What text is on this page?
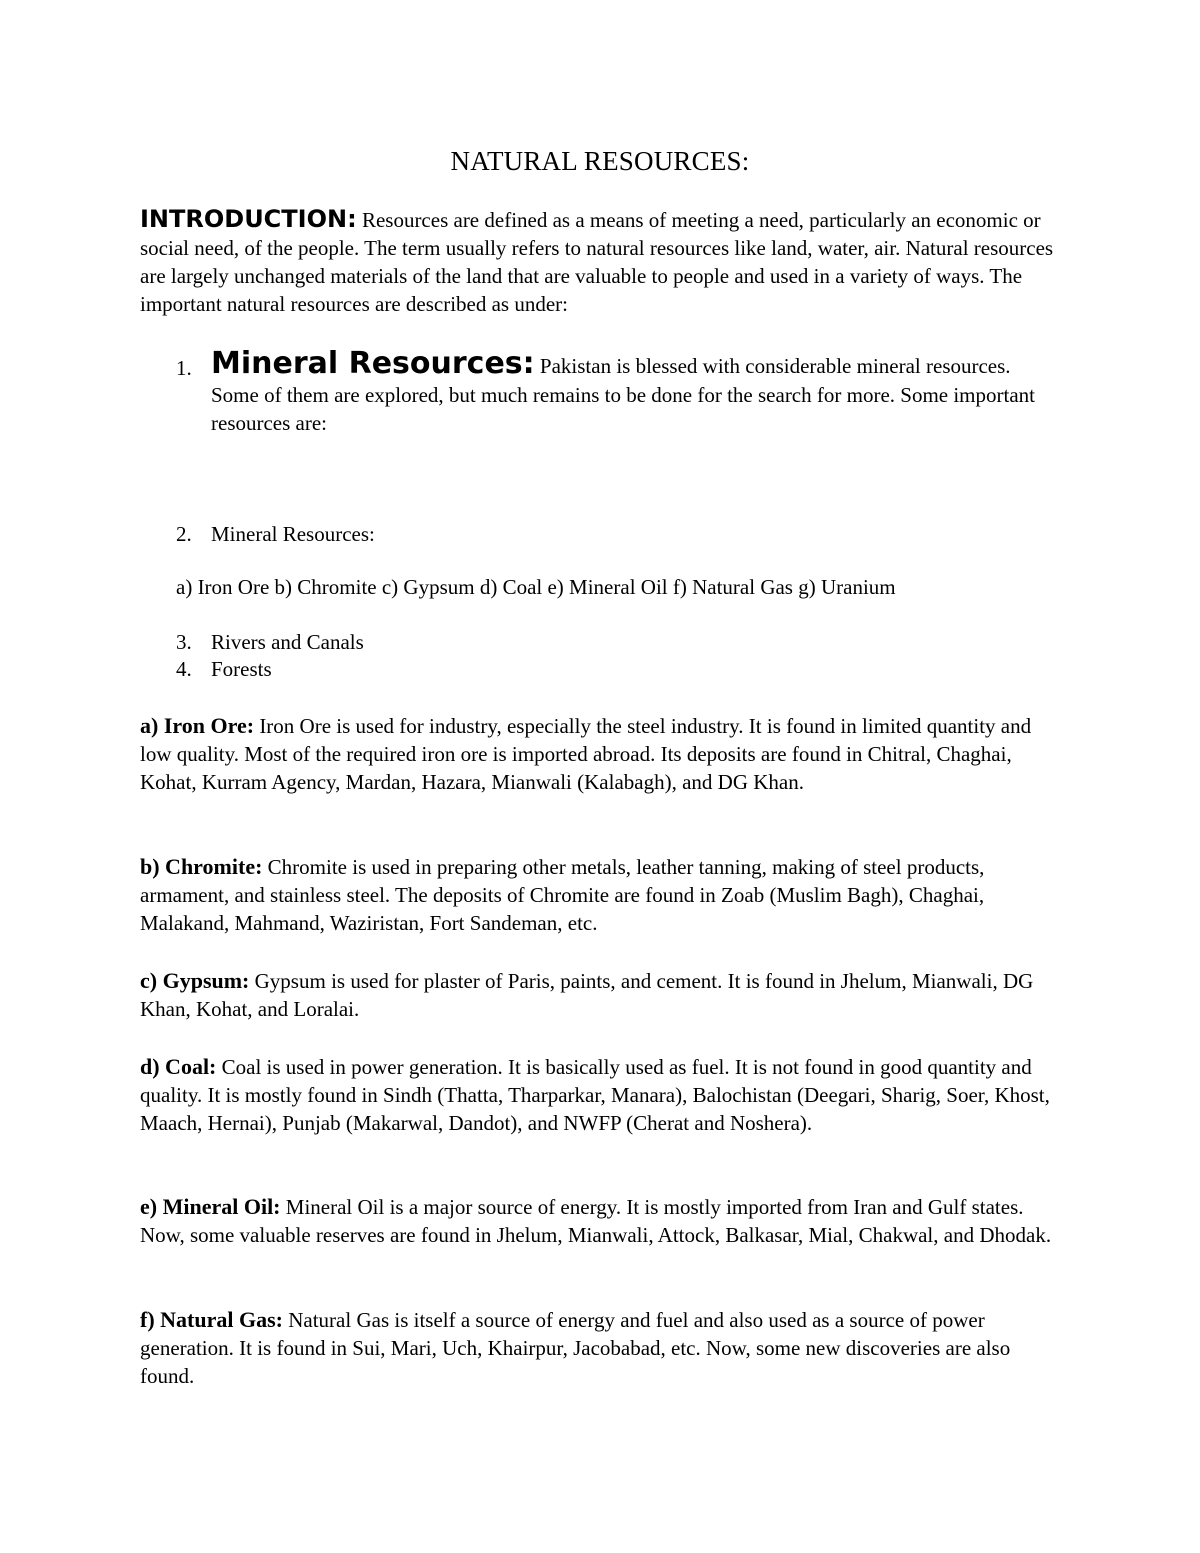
NATURAL RESOURCES:

INTRODUCTION: Resources are defined as a means of meeting a need, particularly an economic or social need, of the people. The term usually refers to natural resources like land, water, air. Natural resources are largely unchanged materials of the land that are valuable to people and used in a variety of ways. The important natural resources are described as under:

1. Mineral Resources: Pakistan is blessed with considerable mineral resources. Some of them are explored, but much remains to be done for the search for more. Some important resources are:
2. Mineral Resources:
a) Iron Ore b) Chromite c) Gypsum d) Coal e) Mineral Oil f) Natural Gas g) Uranium
3. Rivers and Canals
4. Forests

a) Iron Ore: Iron Ore is used for industry, especially the steel industry. It is found in limited quantity and low quality. Most of the required iron ore is imported abroad. Its deposits are found in Chitral, Chaghai, Kohat, Kurram Agency, Mardan, Hazara, Mianwali (Kalabagh), and DG Khan.

b) Chromite: Chromite is used in preparing other metals, leather tanning, making of steel products, armament, and stainless steel. The deposits of Chromite are found in Zoab (Muslim Bagh), Chaghai, Malakand, Mahmand, Waziristan, Fort Sandeman, etc.

c) Gypsum: Gypsum is used for plaster of Paris, paints, and cement. It is found in Jhelum, Mianwali, DG Khan, Kohat, and Loralai.

d) Coal: Coal is used in power generation. It is basically used as fuel. It is not found in good quantity and quality. It is mostly found in Sindh (Thatta, Tharparkar, Manara), Balochistan (Deegari, Sharig, Soer, Khost, Maach, Hernai), Punjab (Makarwal, Dandot), and NWFP (Cherat and Noshera).

e) Mineral Oil: Mineral Oil is a major source of energy. It is mostly imported from Iran and Gulf states. Now, some valuable reserves are found in Jhelum, Mianwali, Attock, Balkasar, Mial, Chakwal, and Dhodak.

f) Natural Gas: Natural Gas is itself a source of energy and fuel and also used as a source of power generation. It is found in Sui, Mari, Uch, Khairpur, Jacobabad, etc. Now, some new discoveries are also found.
